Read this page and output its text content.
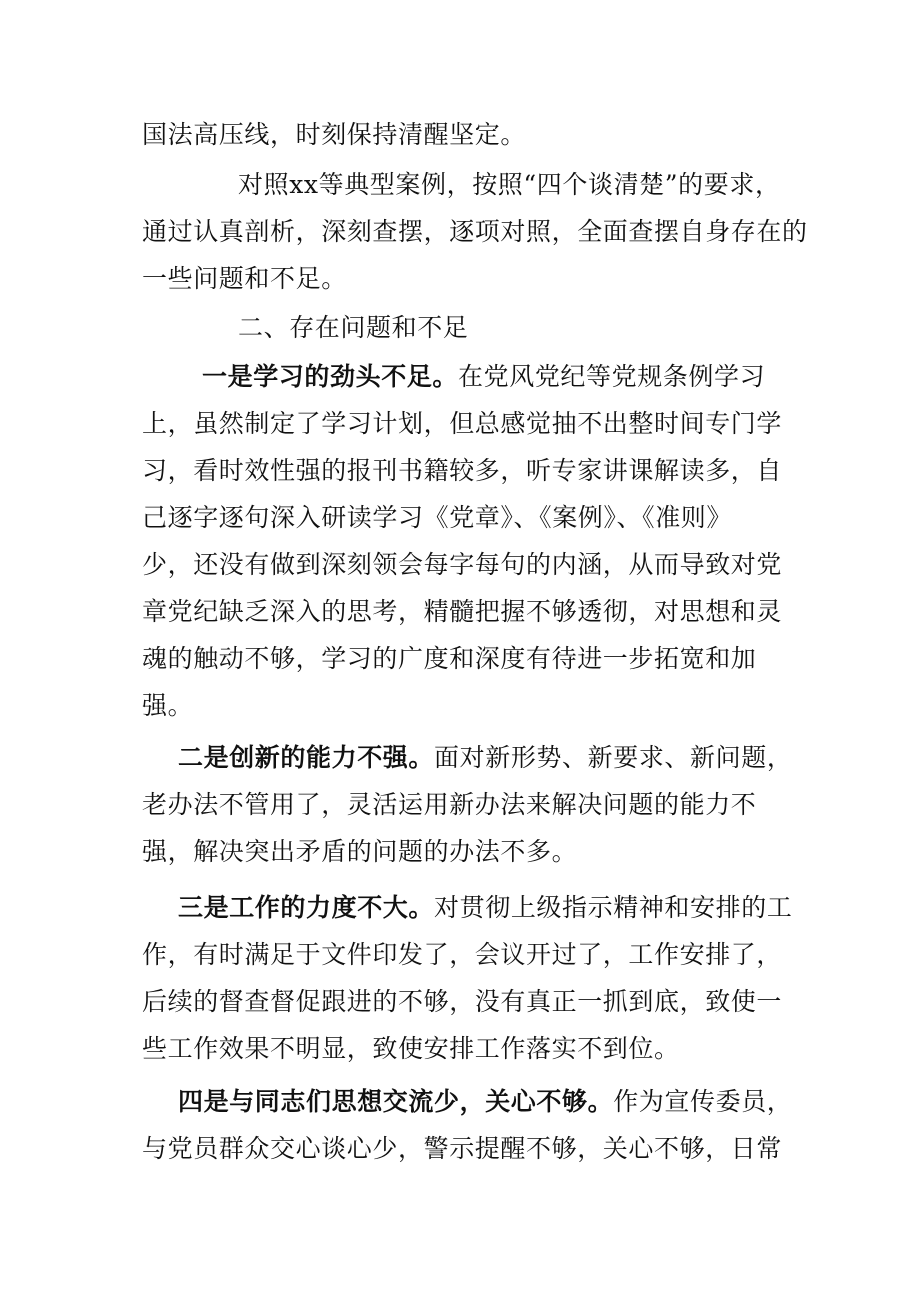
国法高压线，时刻保持清醒坚定。
对照xx等典型案例，按照“四个谈清楚”的要求，
通过认真剖析，深刻查摆，逐项对照，全面查摆自身存在的
一些问题和不足。
二、存在问题和不足
一是学习的劲头不足。在党风党纪等党规条例学习
上，虽然制定了学习计划，但总感觉抽不出整时间专门学
习，看时效性强的报刊书籍较多，听专家讲课解读多，自
己逐字逐句深入研读学习《党章》、《案例》、《准则》
少，还没有做到深刻领会每字每句的内涵，从而导致对党
章党纪缺乏深入的思考，精髓把握不够透彻，对思想和灵
魂的触动不够，学习的广度和深度有待进一步拓宽和加
强。
二是创新的能力不强。面对新形势、新要求、新问题，
老办法不管用了，灵活运用新办法来解决问题的能力不
强，解决突出矛盾的问题的办法不多。
三是工作的力度不大。对贯彻上级指示精神和安排的工
作，有时满足于文件印发了，会议开过了，工作安排了，
后续的督查督促跟进的不够，没有真正一抓到底，致使一
些工作效果不明显，致使安排工作落实不到位。
四是与同志们思想交流少，关心不够。作为宣传委员，
与党员群众交心谈心少，警示提醒不够，关心不够，日常
